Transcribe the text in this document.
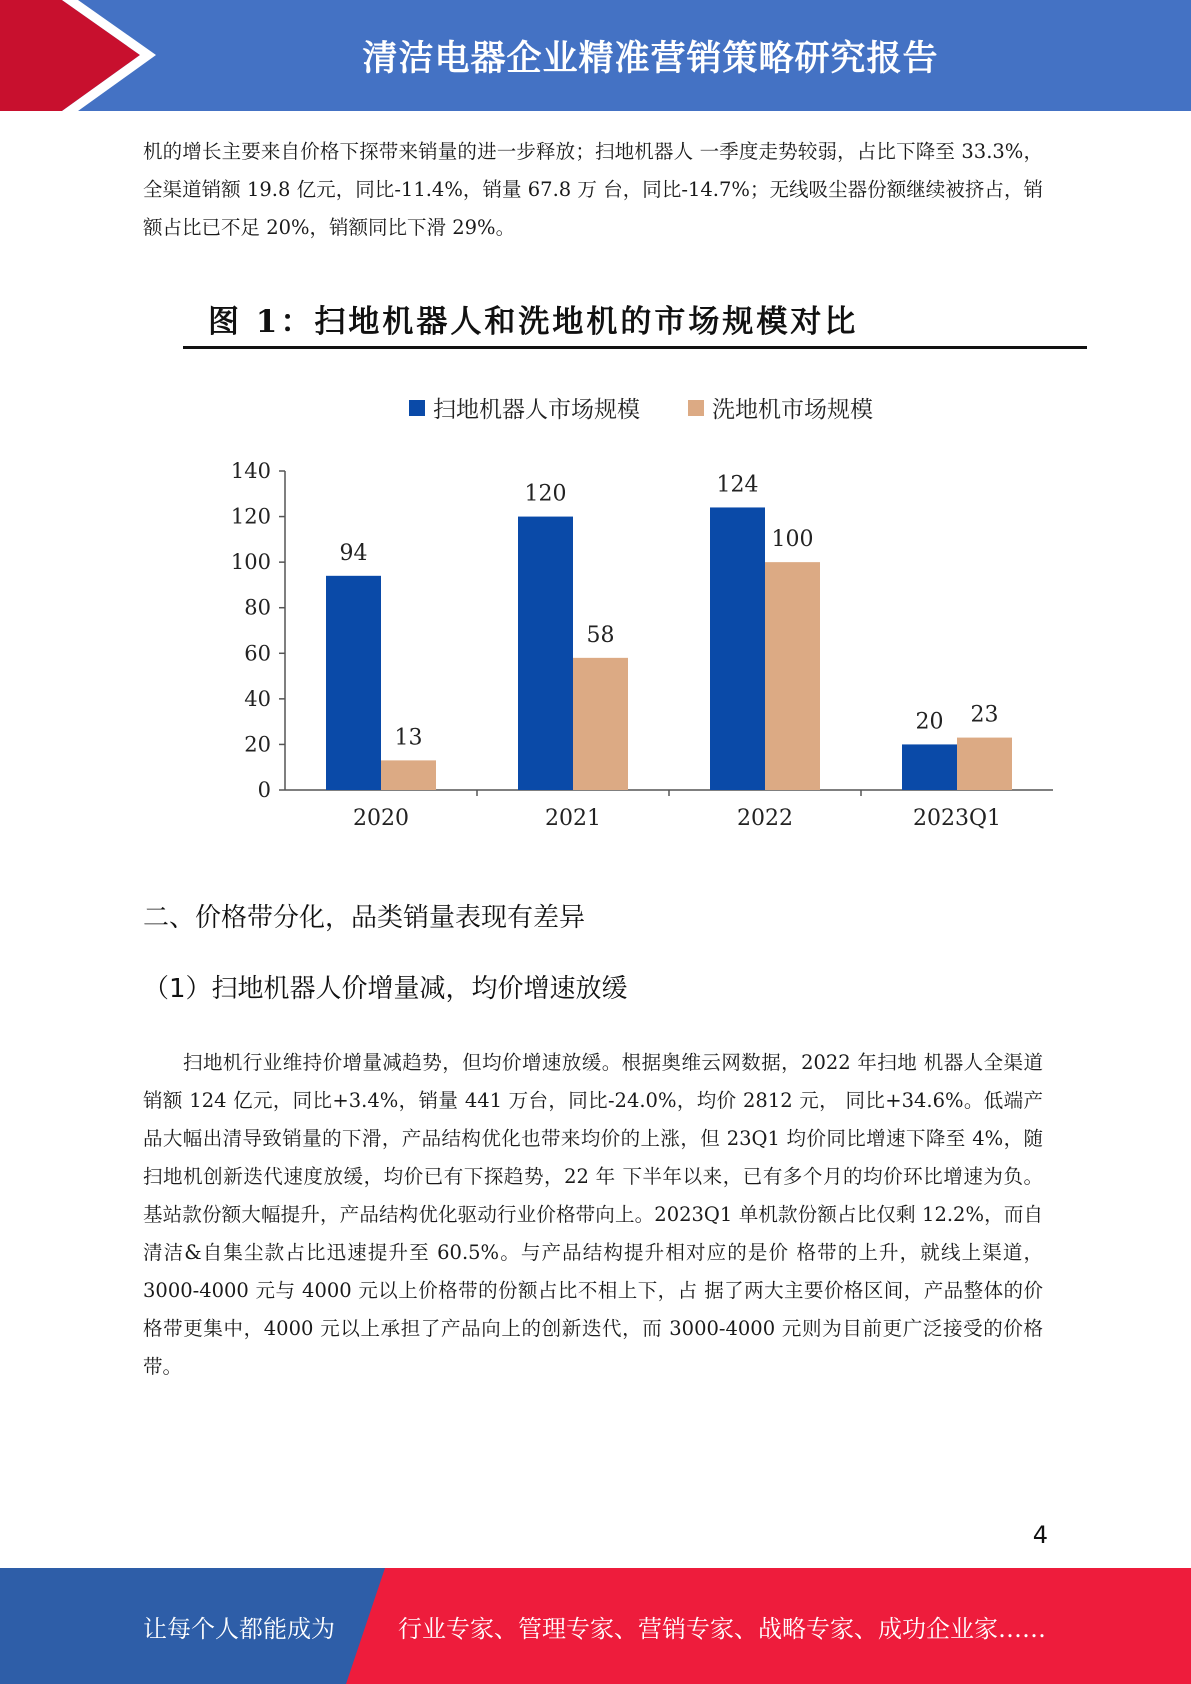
清洁电器企业精准营销策略研究报告

机的增长主要来自价格下探带来销量的进一步释放；扫地机器人 一季度走势较弱，占比下降至 33.3%，全渠道销额 19.8 亿元，同比-11.4%，销量 67.8 万 台，同比-14.7%；无线吸尘器份额继续被挤占，销额占比已不足 20%，销额同比下滑 29%。

图 1：扫地机器人和洗地机的市场规模对比
扫地机器人市场规模	洗地机市场规模
0
20
40
60
80
100
120
140
2020
94
13
2021
120
58
2022
124
100
2023Q1
20 23
二、价格带分化，品类销量表现有差异
（1）扫地机器人价增量减，均价增速放缓

扫地机行业维持价增量减趋势，但均价增速放缓。根据奥维云网数据，2022 年扫地 机器人全渠道销额 124 亿元，同比+3.4%，销量 441 万台，同比-24.0%，均价 2812 元， 同比+34.6%。低端产品大幅出清导致销量的下滑，产品结构优化也带来均价的上涨，但 23Q1 均价同比增速下降至 4%，随扫地机创新迭代速度放缓，均价已有下探趋势，22 年 下半年以来，已有多个月的均价环比增速为负。 基站款份额大幅提升，产品结构优化驱动行业价格带向上。2023Q1 单机款份额占比仅剩 12.2%，而自清洁&自集尘款占比迅速提升至 60.5%。与产品结构提升相对应的是价 格带的上升，就线上渠道，3000-4000 元与 4000 元以上价格带的份额占比不相上下，占 据了两大主要价格区间，产品整体的价格带更集中，4000 元以上承担了产品向上的创新迭代，而 3000-4000 元则为目前更广泛接受的价格带。

4
让每个人都能成为	行业专家、管理专家、营销专家、战略专家、成功企业家……
